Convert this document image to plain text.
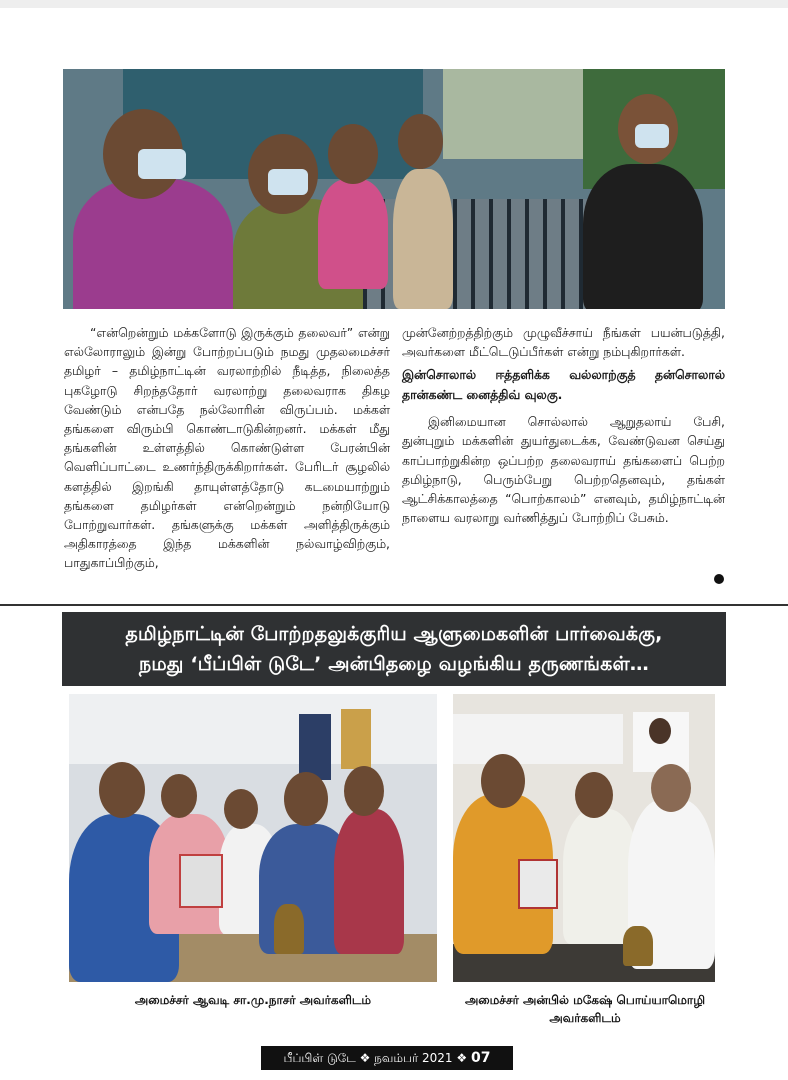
“என்றென்றும் மக்களோடு இருக்கும் தலைவர்” என்று எல்லோராலும் இன்று போற்றப்படும் நமது முதலமைச்சர் தமிழர் – தமிழ்நாட்டின் வரலாற்றில் நீடித்த, நிலைத்த புகழோடு சிறந்ததோர் வரலாற்று தலைவராக திகழ வேண்டும் என்பதே நல்லோரின் விருப்பம். மக்கள் தங்களை விரும்பி கொண்டாடுகின்றனர். மக்கள் மீது தங்களின் உள்ளத்தில் கொண்டுள்ள பேரன்பின் வெளிப்பாட்டை உணர்ந்திருக்கிறார்கள். பேரிடர் சூழலில் களத்தில் இறங்கி தாயுள்ளத்தோடு கடமையாற்றும் தங்களை தமிழர்கள் என்றென்றும் நன்றியோடு போற்றுவார்கள். தங்களுக்கு மக்கள் அளித்திருக்கும் அதிகாரத்தை இந்த மக்களின் நல்வாழ்விற்கும், பாதுகாப்பிற்கும்,

முன்னேற்றத்திற்கும் முழுவீச்சாய் நீங்கள் பயன்படுத்தி, அவர்களை மீட்டெடுப்பீர்கள் என்று நம்புகிறார்கள்.

இன்சொலால் ஈத்தளிக்க வல்லாற்குத் தன்சொலால் தான்கண்ட னைத்திவ் வுலகு.

இனிமையான சொல்லால் ஆறுதலாய் பேசி, துன்புறும் மக்களின் துயர்துடைக்க, வேண்டுவன செய்து காப்பாற்றுகின்ற ஒப்பற்ற தலைவராய் தங்களைப் பெற்ற தமிழ்நாடு, பெரும்பேறு பெற்றதெனவும், தங்கள் ஆட்சிக்காலத்தை “பொற்காலம்” எனவும், தமிழ்நாட்டின் நாளைய வரலாறு வர்ணித்துப் போற்றிப் பேசும்.

தமிழ்நாட்டின் போற்றதலுக்குரிய ஆளுமைகளின் பார்வைக்கு,
நமது ‘பீப்பிள் டுடே’ அன்பிதழை வழங்கிய தருணங்கள்…
அமைச்சர் ஆவடி சா.மு.நாசர் அவர்களிடம்	அமைச்சர் அன்பில் மகேஷ் பொய்யாமொழி
அவர்களிடம்
பீப்பிள் டுடே ❖ நவம்பர் 2021 ❖ 07
